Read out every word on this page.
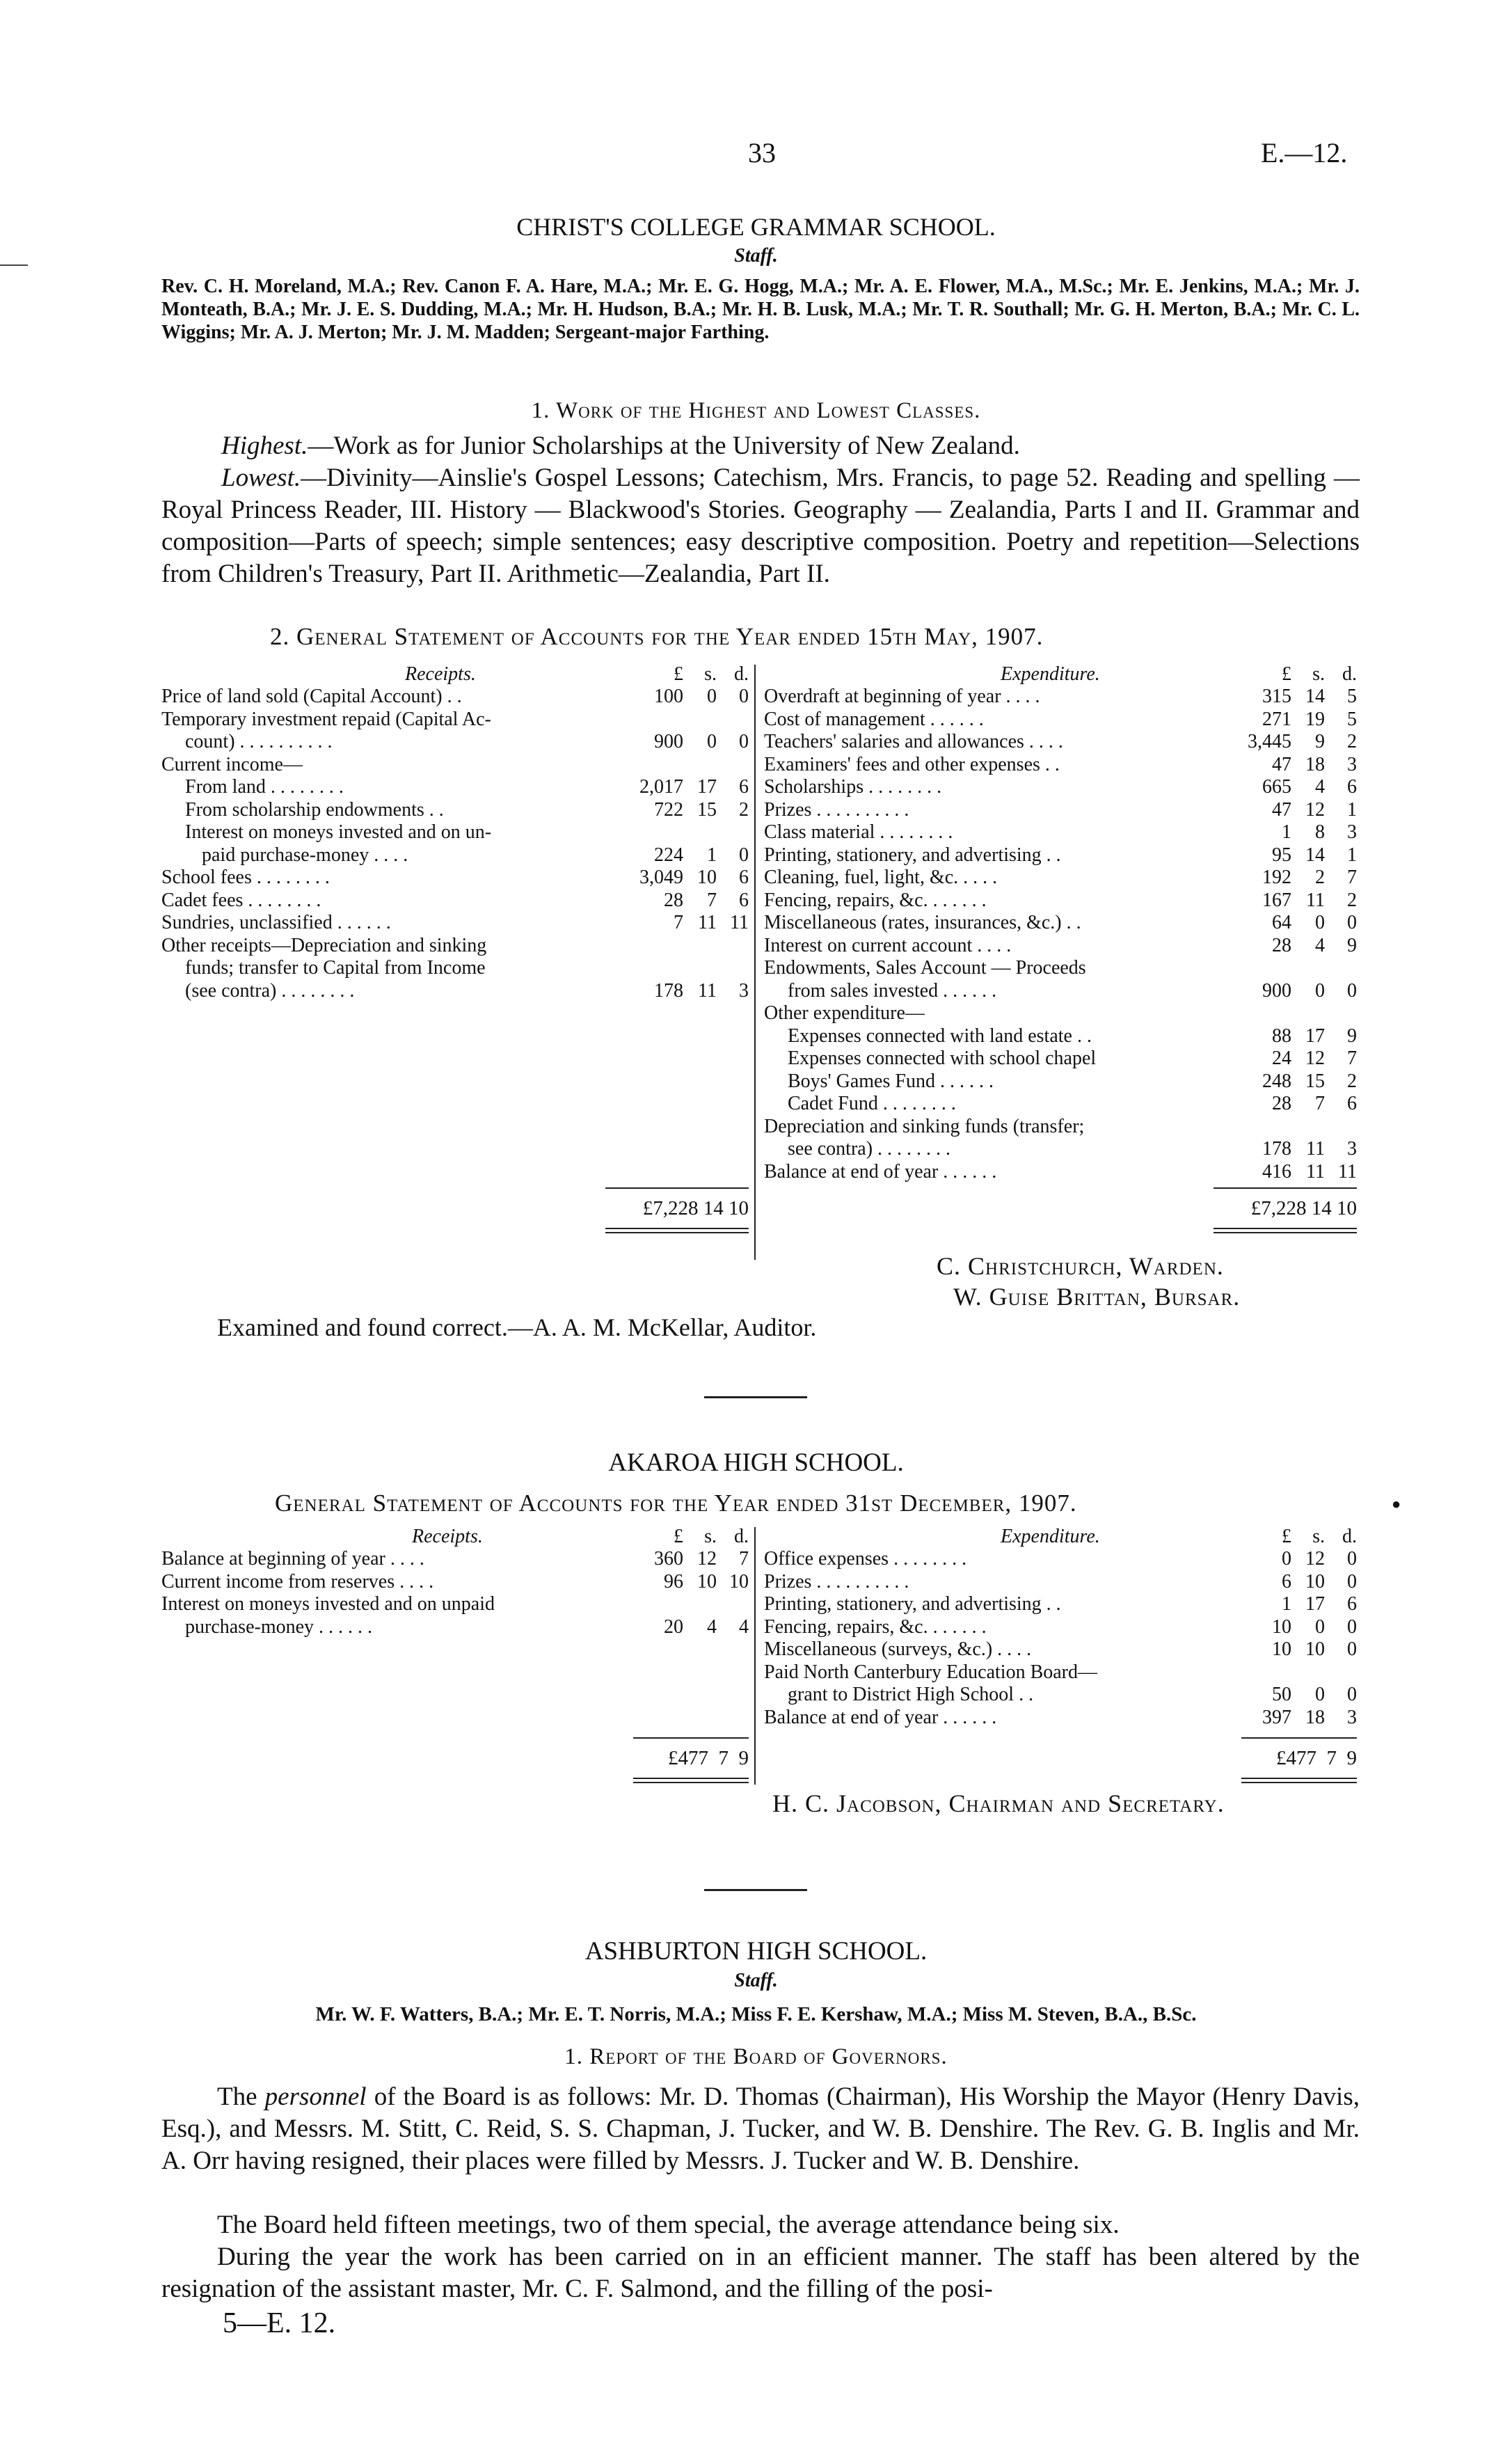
33	E.—12.
CHRIST'S COLLEGE GRAMMAR SCHOOL.
Staff.
Rev. C. H. Moreland, M.A.; Rev. Canon F. A. Hare, M.A.; Mr. E. G. Hogg, M.A.; Mr. A. E. Flower, M.A., M.Sc.; Mr. E. Jenkins, M.A.; Mr. J. Monteath, B.A.; Mr. J. E. S. Dudding, M.A.; Mr. H. Hudson, B.A.; Mr. H. B. Lusk, M.A.; Mr. T. R. Southall; Mr. G. H. Merton, B.A.; Mr. C. L. Wiggins; Mr. A. J. Merton; Mr. J. M. Madden; Sergeant-major Farthing.
1. Work of the Highest and Lowest Classes.
Highest.—Work as for Junior Scholarships at the University of New Zealand.
Lowest.—Divinity—Ainslie's Gospel Lessons; Catechism, Mrs. Francis, to page 52. Reading and spelling — Royal Princess Reader, III. History — Blackwood's Stories. Geography — Zealandia, Parts I and II. Grammar and composition—Parts of speech; simple sentences; easy descriptive composition. Poetry and repetition—Selections from Children's Treasury, Part II. Arithmetic—Zealandia, Part II.
2. General Statement of Accounts for the Year ended 15th May, 1907.
Receipts.	£	s. d.
Price of land sold (Capital Account) . .	100	0	0
Temporary investment repaid (Capital Ac-
count) . . . . . . . . . .	900	0	0
Current income—
From land . . . . . . . .	2,017 17	6
From scholarship endowments . .	722 15	2
Interest on moneys invested and on un-
paid purchase-money . . . .	224	1	0
School fees . . . . . . . .	3,049 10	6
Cadet fees . . . . . . . .	28	7	6
Sundries, unclassified . . . . . .	7 11 11
Other receipts—Depreciation and sinking
funds; transfer to Capital from Income
(see contra) . . . . . . . .	178 11	3
Expenditure.	£	s. d.
Overdraft at beginning of year . . . .	315 14	5
Cost of management . . . . . .	271 19	5
Teachers' salaries and allowances . . . .	3,445	9	2
Examiners' fees and other expenses . .	47 18	3
Scholarships . . . . . . . .	665	4	6
Prizes . . . . . . . . . .	47 12	1
Class material . . . . . . . .	1	8	3
Printing, stationery, and advertising . .	95 14	1
Cleaning, fuel, light, &c. . . . .	192	2	7
Fencing, repairs, &c. . . . . . .	167 11	2
Miscellaneous (rates, insurances, &c.) . .	64	0	0
Interest on current account . . . .	28	4	9
Endowments, Sales Account — Proceeds
from sales invested . . . . . .	900	0	0
Other expenditure—
Expenses connected with land estate . .	88 17	9
Expenses connected with school chapel	24 12	7
Boys' Games Fund . . . . . .	248 15	2
Cadet Fund . . . . . . . .	28	7	6
Depreciation and sinking funds (transfer;
see contra) . . . . . . . .	178 11	3
Balance at end of year . . . . . .	416 11 11
£7,228 14 10	£7,228 14 10
C. Christchurch, Warden.
W. Guise Brittan, Bursar.
Examined and found correct.—A. A. M. McKellar, Auditor.
AKAROA HIGH SCHOOL.
General Statement of Accounts for the Year ended 31st December, 1907.	●
Receipts.	£	s. d.
Balance at beginning of year . . . .	360 12	7
Current income from reserves . . . .	96 10 10
Interest on moneys invested and on unpaid
purchase-money . . . . . .	20	4	4
Expenditure.	£	s. d.
Office expenses . . . . . . . .	0 12	0
Prizes . . . . . . . . . .	6 10	0
Printing, stationery, and advertising . .	1 17	6
Fencing, repairs, &c. . . . . . .	10	0	0
Miscellaneous (surveys, &c.) . . . .	10 10	0
Paid North Canterbury Education Board—
grant to District High School . .	50	0	0
Balance at end of year . . . . . .	397 18	3
£477  7  9	£477  7  9
H. C. Jacobson, Chairman and Secretary.
ASHBURTON HIGH SCHOOL.
Staff.
Mr. W. F. Watters, B.A.; Mr. E. T. Norris, M.A.; Miss F. E. Kershaw, M.A.; Miss M. Steven, B.A., B.Sc.
1. Report of the Board of Governors.
The personnel of the Board is as follows: Mr. D. Thomas (Chairman), His Worship the Mayor (Henry Davis, Esq.), and Messrs. M. Stitt, C. Reid, S. S. Chapman, J. Tucker, and W. B. Denshire. The Rev. G. B. Inglis and Mr. A. Orr having resigned, their places were filled by Messrs. J. Tucker and W. B. Denshire.
The Board held fifteen meetings, two of them special, the average attendance being six.
During the year the work has been carried on in an efficient manner. The staff has been altered by the resignation of the assistant master, Mr. C. F. Salmond, and the filling of the posi-
5—E. 12.
